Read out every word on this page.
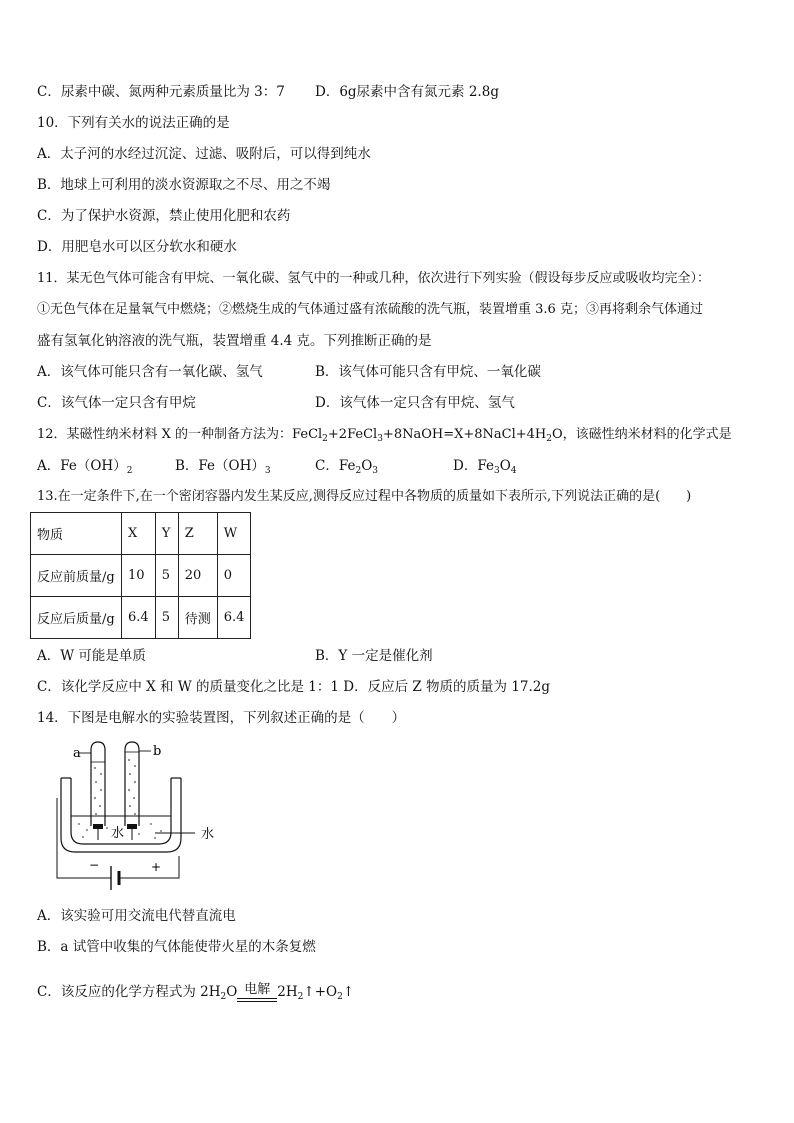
C．尿素中碳、氮两种元素质量比为 3：7 D．6g尿素中含有氮元素 2.8g
10．下列有关水的说法正确的是
A．太子河的水经过沉淀、过滤、吸附后，可以得到纯水
B．地球上可利用的淡水资源取之不尽、用之不竭
C．为了保护水资源，禁止使用化肥和农药
D．用肥皂水可以区分软水和硬水
11．某无色气体可能含有甲烷、一氧化碳、氢气中的一种或几种，依次进行下列实验（假设每步反应或吸收均完全）：
①无色气体在足量氧气中燃烧；②燃烧生成的气体通过盛有浓硫酸的洗气瓶，装置增重 3.6 克；③再将剩余气体通过
盛有氢氧化钠溶液的洗气瓶，装置增重 4.4 克。下列推断正确的是
A．该气体可能只含有一氧化碳、氢气	B．该气体可能只含有甲烷、一氧化碳
C．该气体一定只含有甲烷	D．该气体一定只含有甲烷、氢气
12．某磁性纳米材料 X 的一种制备方法为：$FeCl_2+2FeCl_3+8NaOH=X+8NaCl+4H_2O$，该磁性纳米材料的化学式是
A．$Fe(OH)_2$	B．$Fe(OH)_3$	C．$Fe_2O_3$	D．$Fe_3O_4$
13.在一定条件下,在一个密闭容器内发生某反应,测得反应过程中各物质的质量如下表所示,下列说法正确的是(　　)
物质	X	Y	Z	W
反应前质量/g	10	5	20	0
反应后质量/g	6.4	5	待测	6.4
A．W 可能是单质	B．Y 一定是催化剂
C．该化学反应中 X 和 W 的质量变化之比是 1：1 D．反应后 Z 物质的质量为 17.2g
14．下图是电解水的实验装置图，下列叙述正确的是（　　）
a	b
水	水
−	+
A．该实验可用交流电代替直流电
B．a 试管中收集的气体能使带火星的木条复燃
C．该反应的化学方程式为 $2H_2O$ 电解 $2H_2↑+O_2↑$
